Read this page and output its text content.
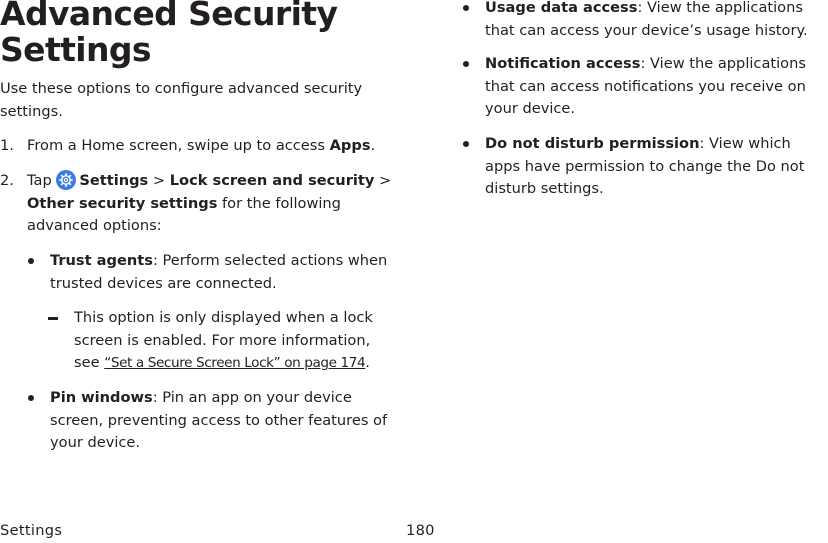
Advanced Security Settings

Use these options to configure advanced security settings.

1. From a Home screen, swipe up to access Apps.
2. Tap
Settings > Lock screen and security > Other security settings for the following advanced options:
Trust agents: Perform selected actions when trusted devices are connected.
This option is only displayed when a lock screen is enabled. For more information, see “Set a Secure Screen Lock” on page 174.
Pin windows: Pin an app on your device screen, preventing access to other features of your device.
Usage data access: View the applications that can access your device’s usage history.
Notification access: View the applications that can access notifications you receive on your device.
Do not disturb permission: View which apps have permission to change the Do not disturb settings.
Settings	180
